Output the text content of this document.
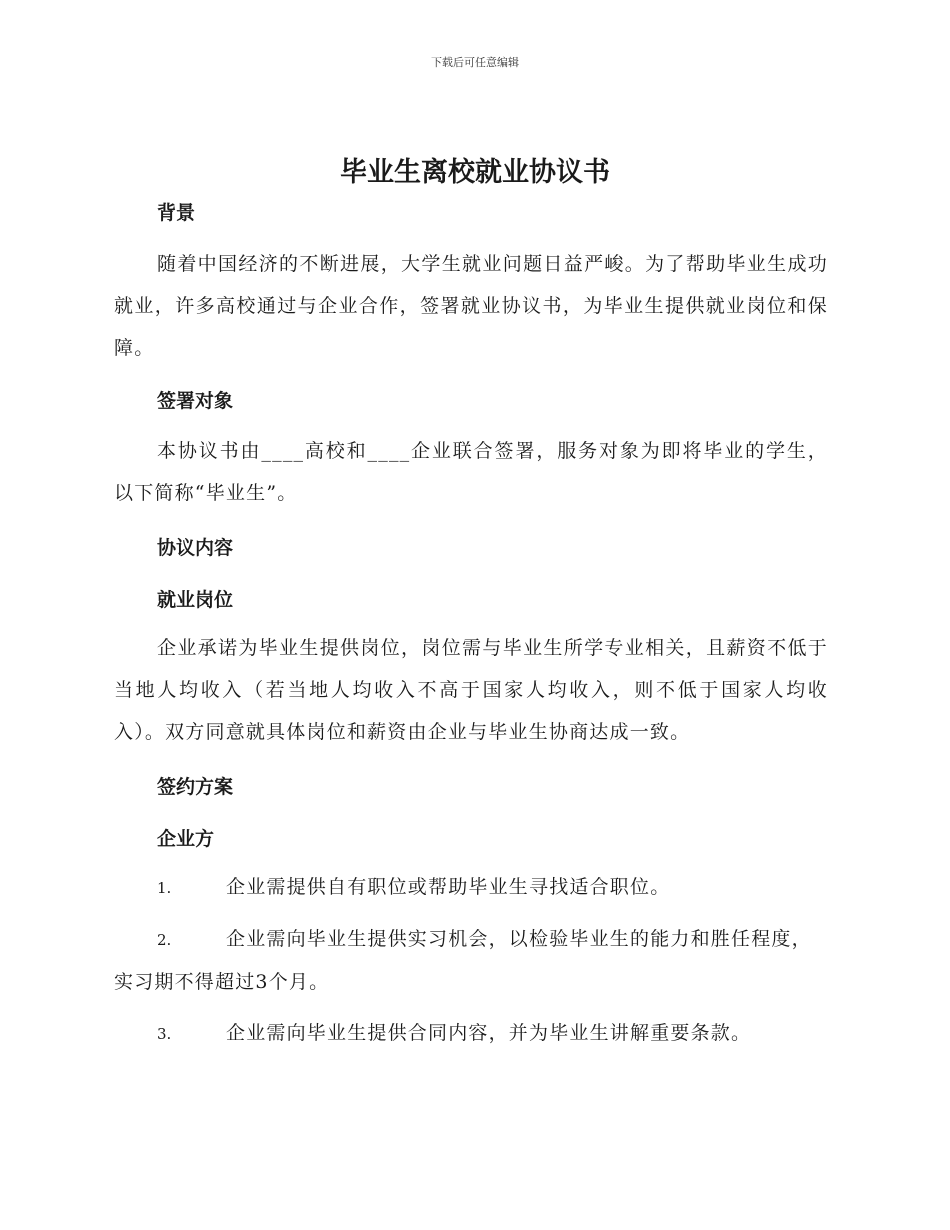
下载后可任意编辑
毕业生离校就业协议书
背景

随着中国经济的不断进展，大学生就业问题日益严峻。为了帮助毕业生成功就业，许多高校通过与企业合作，签署就业协议书，为毕业生提供就业岗位和保障。

签署对象

本协议书由____高校和____企业联合签署，服务对象为即将毕业的学生，以下简称“毕业生”。

协议内容
就业岗位

企业承诺为毕业生提供岗位，岗位需与毕业生所学专业相关，且薪资不低于当地人均收入（若当地人均收入不高于国家人均收入，则不低于国家人均收入）。双方同意就具体岗位和薪资由企业与毕业生协商达成一致。

签约方案
企业方

1.	企业需提供自有职位或帮助毕业生寻找适合职位。

2.	企业需向毕业生提供实习机会，以检验毕业生的能力和胜任程度，实习期不得超过3个月。

3.	企业需向毕业生提供合同内容，并为毕业生讲解重要条款。
